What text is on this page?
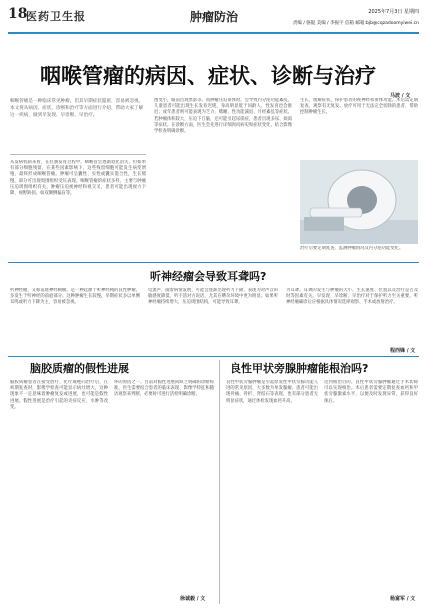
18
医药卫生报	肿瘤防治	2025年7月3日 星期四
责编 / 骆锟 美编 / 李振宇 信箱 邮箱:bjb@cqzadoomyiwei.cn
咽喉管瘤的病因、症状、诊断与治疗
咽喉管瘤是一种临床常见肿瘤，但其早期症状隐匿，容易被忽视。本文将从病因、症状、诊断和治疗等方面进行介绍，帮助大家了解这一疾病，做到早发现、早诊断、早治疗。

从发病机制来看，在肛肠发育过程中，咽喉管会逐渐退化消失，但如果有部分细胞残留，在某些因素影响下，这些残留细胞可能发生病变增殖，最终形成咽喉管瘤。肿瘤可呈囊性、实性或囊实混合性，生长缓慢，部分可出现周围组织受压表现。咽喉管瘤的症状多样，主要与肿瘤压迫周围组织有关，肿瘤压迫视神经和视交叉，患者可能出现视力下降、视野缺损，如双颞侧偏盲等。

围变小，眼前出现黑影等。而肿瘤压迫垂体时，会导致内分泌功能紊乱，儿童患者可能出现生长发育迟缓，身高明显低于同龄人，性发育也会推迟；成年患者则可能表现为乏力、嗜睡、性功能减退、月经紊乱等症状。若肿瘤体积较大，压迫下丘脑，还可能引起尿崩症，患者出现多尿、烦渴等症状。在诊断方面，医生会先进行详细询问病史和症状变化，结合影像学检查明确诊断。

生长，缓解症状，保护患者的视神经和垂体功能。术后需定期复查，观察有无复发。放疗可用于无法完全切除的患者，帮助控制肿瘤生长。

马波 / 文

治疗后要定期复查，监测肿瘤情况及内分泌功能变化。

听神经瘤会导致耳聋吗?

听神经瘤，又称前庭神经鞘瘤，是一种起源于听神经鞘的良性肿瘤，多发生于听神经的前庭部分。这种肿瘤生长较慢，早期症状多以单侧耳鸣或听力下降为主，容易被忽视。

电流声，随着病情发展，可能会逐渐出现听力下降，表现为对声音的敏感度降低，听不清对方说话，尤其在嘈杂环境中更为明显。如果听神经瘤持续增大，压迫周围结构，可能导致耳聋。

为耳聋。耳聋的发生与肿瘤的大小、生长速度、位置以及治疗是否及时等因素有关。早发现、早诊断、早治疗对于保护听力至关重要。听神经瘤确诊后应根据具体情况选择观察、手术或放射治疗。

程西锋 / 文
脑胶质瘤的假性进展

脑胶质瘤患者在接受放疗、化疗或靶向治疗后，在初期复查时，影像学检查可能显示病灶增大，这种现象不一定意味着肿瘤复发或进展，也可能是假性进展。假性进展是治疗引起的炎症反应、水肿等改变。

坏的原因之一。目前对假性进展尚缺乏明确的诊断标准，医生需要结合患者的临床表现、影像学特征和随访观察来判断，必要时可进行活检明确诊断。

徐诚毅 / 文
良性甲状旁腺肿瘤能根治吗?

良性甲状旁腺肿瘤是引起原发性甲状旁腺功能亢进的常见原因，大多数为单发腺瘤。患者可能出现骨痛、骨折、肾结石等表现，也有部分患者无明显症状，通过体检发现血钙升高。

达到根治目的。良性甲状旁腺肿瘤通过手术切除可以实现根治。术后患者需要定期复查血钙和甲状旁腺激素水平，以便及时发现异常，获得良好预后。

杨富军 / 文
